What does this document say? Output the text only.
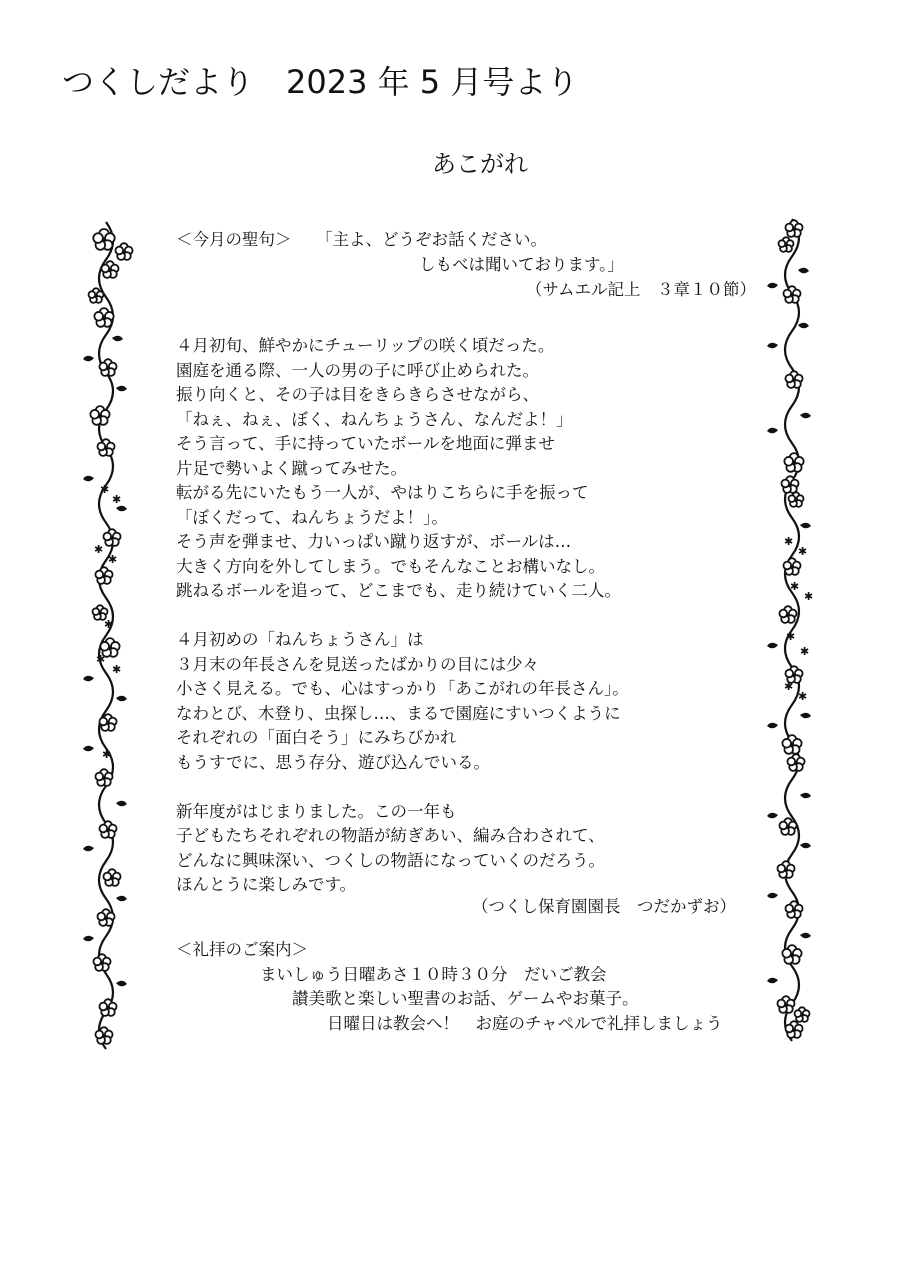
つくしだより　2023 年 5 月号より
あこがれ
✱
✱
✱
✱
✱
✱
✱
✱
✱
✱
✱
✱
✱
✱
✱
✱
＜今月の聖句＞ 「主よ、どうぞお話ください。
しもべは聞いております。」
（サムエル記上　３章１０節）
４月初旬、鮮やかにチューリップの咲く頃だった。
園庭を通る際、一人の男の子に呼び止められた。
振り向くと、その子は目をきらきらさせながら、
「ねぇ、ねぇ、ぼく、ねんちょうさん、なんだよ！」
そう言って、手に持っていたボールを地面に弾ませ
片足で勢いよく蹴ってみせた。
転がる先にいたもう一人が、やはりこちらに手を振って
「ぼくだって、ねんちょうだよ！」。
そう声を弾ませ、力いっぱい蹴り返すが、ボールは…
大きく方向を外してしまう。でもそんなことお構いなし。
跳ねるボールを追って、どこまでも、走り続けていく二人。
４月初めの「ねんちょうさん」は
３月末の年長さんを見送ったばかりの目には少々
小さく見える。でも、心はすっかり「あこがれの年長さん」。
なわとび、木登り、虫探し…、まるで園庭にすいつくように
それぞれの「面白そう」にみちびかれ
もうすでに、思う存分、遊び込んでいる。
新年度がはじまりました。この一年も
子どもたちそれぞれの物語が紡ぎあい、編み合わされて、
どんなに興味深い、つくしの物語になっていくのだろう。
ほんとうに楽しみです。
（つくし保育園園長　つだかずお）
＜礼拝のご案内＞
まいしゅう日曜あさ１０時３０分　だいご教会
讃美歌と楽しい聖書のお話、ゲームやお菓子。
日曜日は教会へ！　お庭のチャペルで礼拝しましょう
